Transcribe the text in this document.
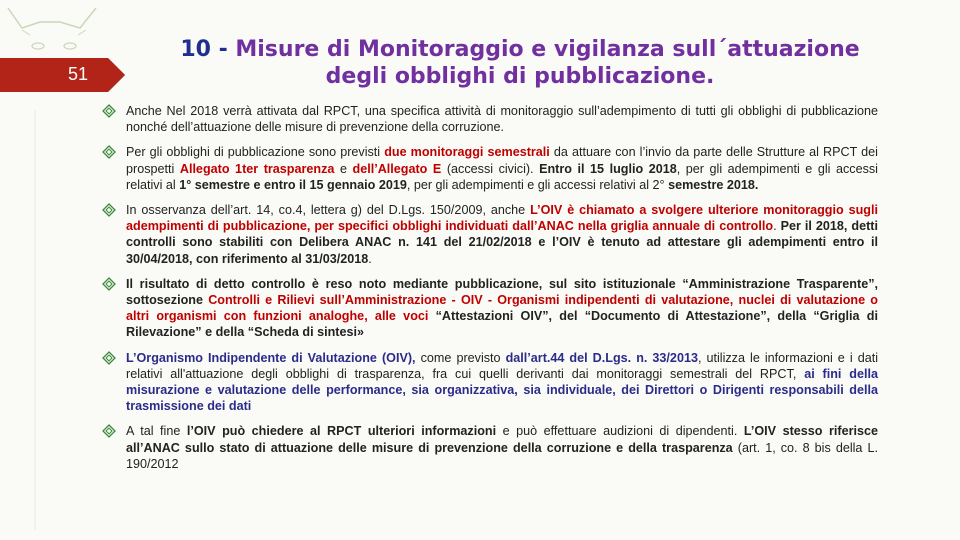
51
10 - Misure di Monitoraggio e vigilanza sull´attuazione degli obblighi di pubblicazione.
Anche Nel 2018 verrà attivata dal RPCT, una specifica attività di monitoraggio sull’adempimento di tutti gli obblighi di pubblicazione nonché dell’attuazione delle misure di prevenzione della corruzione.
Per gli obblighi di pubblicazione sono previsti due monitoraggi semestrali da attuare con l’invio da parte delle Strutture al RPCT dei prospetti Allegato 1ter trasparenza e dell’Allegato E (accessi civici). Entro il 15 luglio 2018, per gli adempimenti e gli accessi relativi al 1° semestre e entro il 15 gennaio 2019, per gli adempimenti e gli accessi relativi al 2° semestre 2018.
In osservanza dell’art. 14, co.4, lettera g) del D.Lgs. 150/2009, anche L’OIV è chiamato a svolgere ulteriore monitoraggio sugli adempimenti di pubblicazione, per specifici obblighi individuati dall’ANAC nella griglia annuale di controllo. Per il 2018, detti controlli sono stabiliti con Delibera ANAC n. 141 del 21/02/2018 e l’OIV è tenuto ad attestare gli adempimenti entro il 30/04/2018, con riferimento al 31/03/2018.
Il risultato di detto controllo è reso noto mediante pubblicazione, sul sito istituzionale “Amministrazione Trasparente”, sottosezione Controlli e Rilievi sull’Amministrazione - OIV - Organismi indipendenti di valutazione, nuclei di valutazione o altri organismi con funzioni analoghe, alle voci “Attestazioni OIV”, del “Documento di Attestazione”, della “Griglia di Rilevazione” e della “Scheda di sintesi»
L’Organismo Indipendente di Valutazione (OIV), come previsto dall’art.44 del D.Lgs. n. 33/2013, utilizza le informazioni e i dati relativi all'attuazione degli obblighi di trasparenza, fra cui quelli derivanti dai monitoraggi semestrali del RPCT, ai fini della misurazione e valutazione delle performance, sia organizzativa, sia individuale, dei Direttori o Dirigenti responsabili della trasmissione dei dati
A tal fine l’OIV può chiedere al RPCT ulteriori informazioni e può effettuare audizioni di dipendenti. L’OIV stesso riferisce all’ANAC sullo stato di attuazione delle misure di prevenzione della corruzione e della trasparenza (art. 1, co. 8 bis della L. 190/2012
